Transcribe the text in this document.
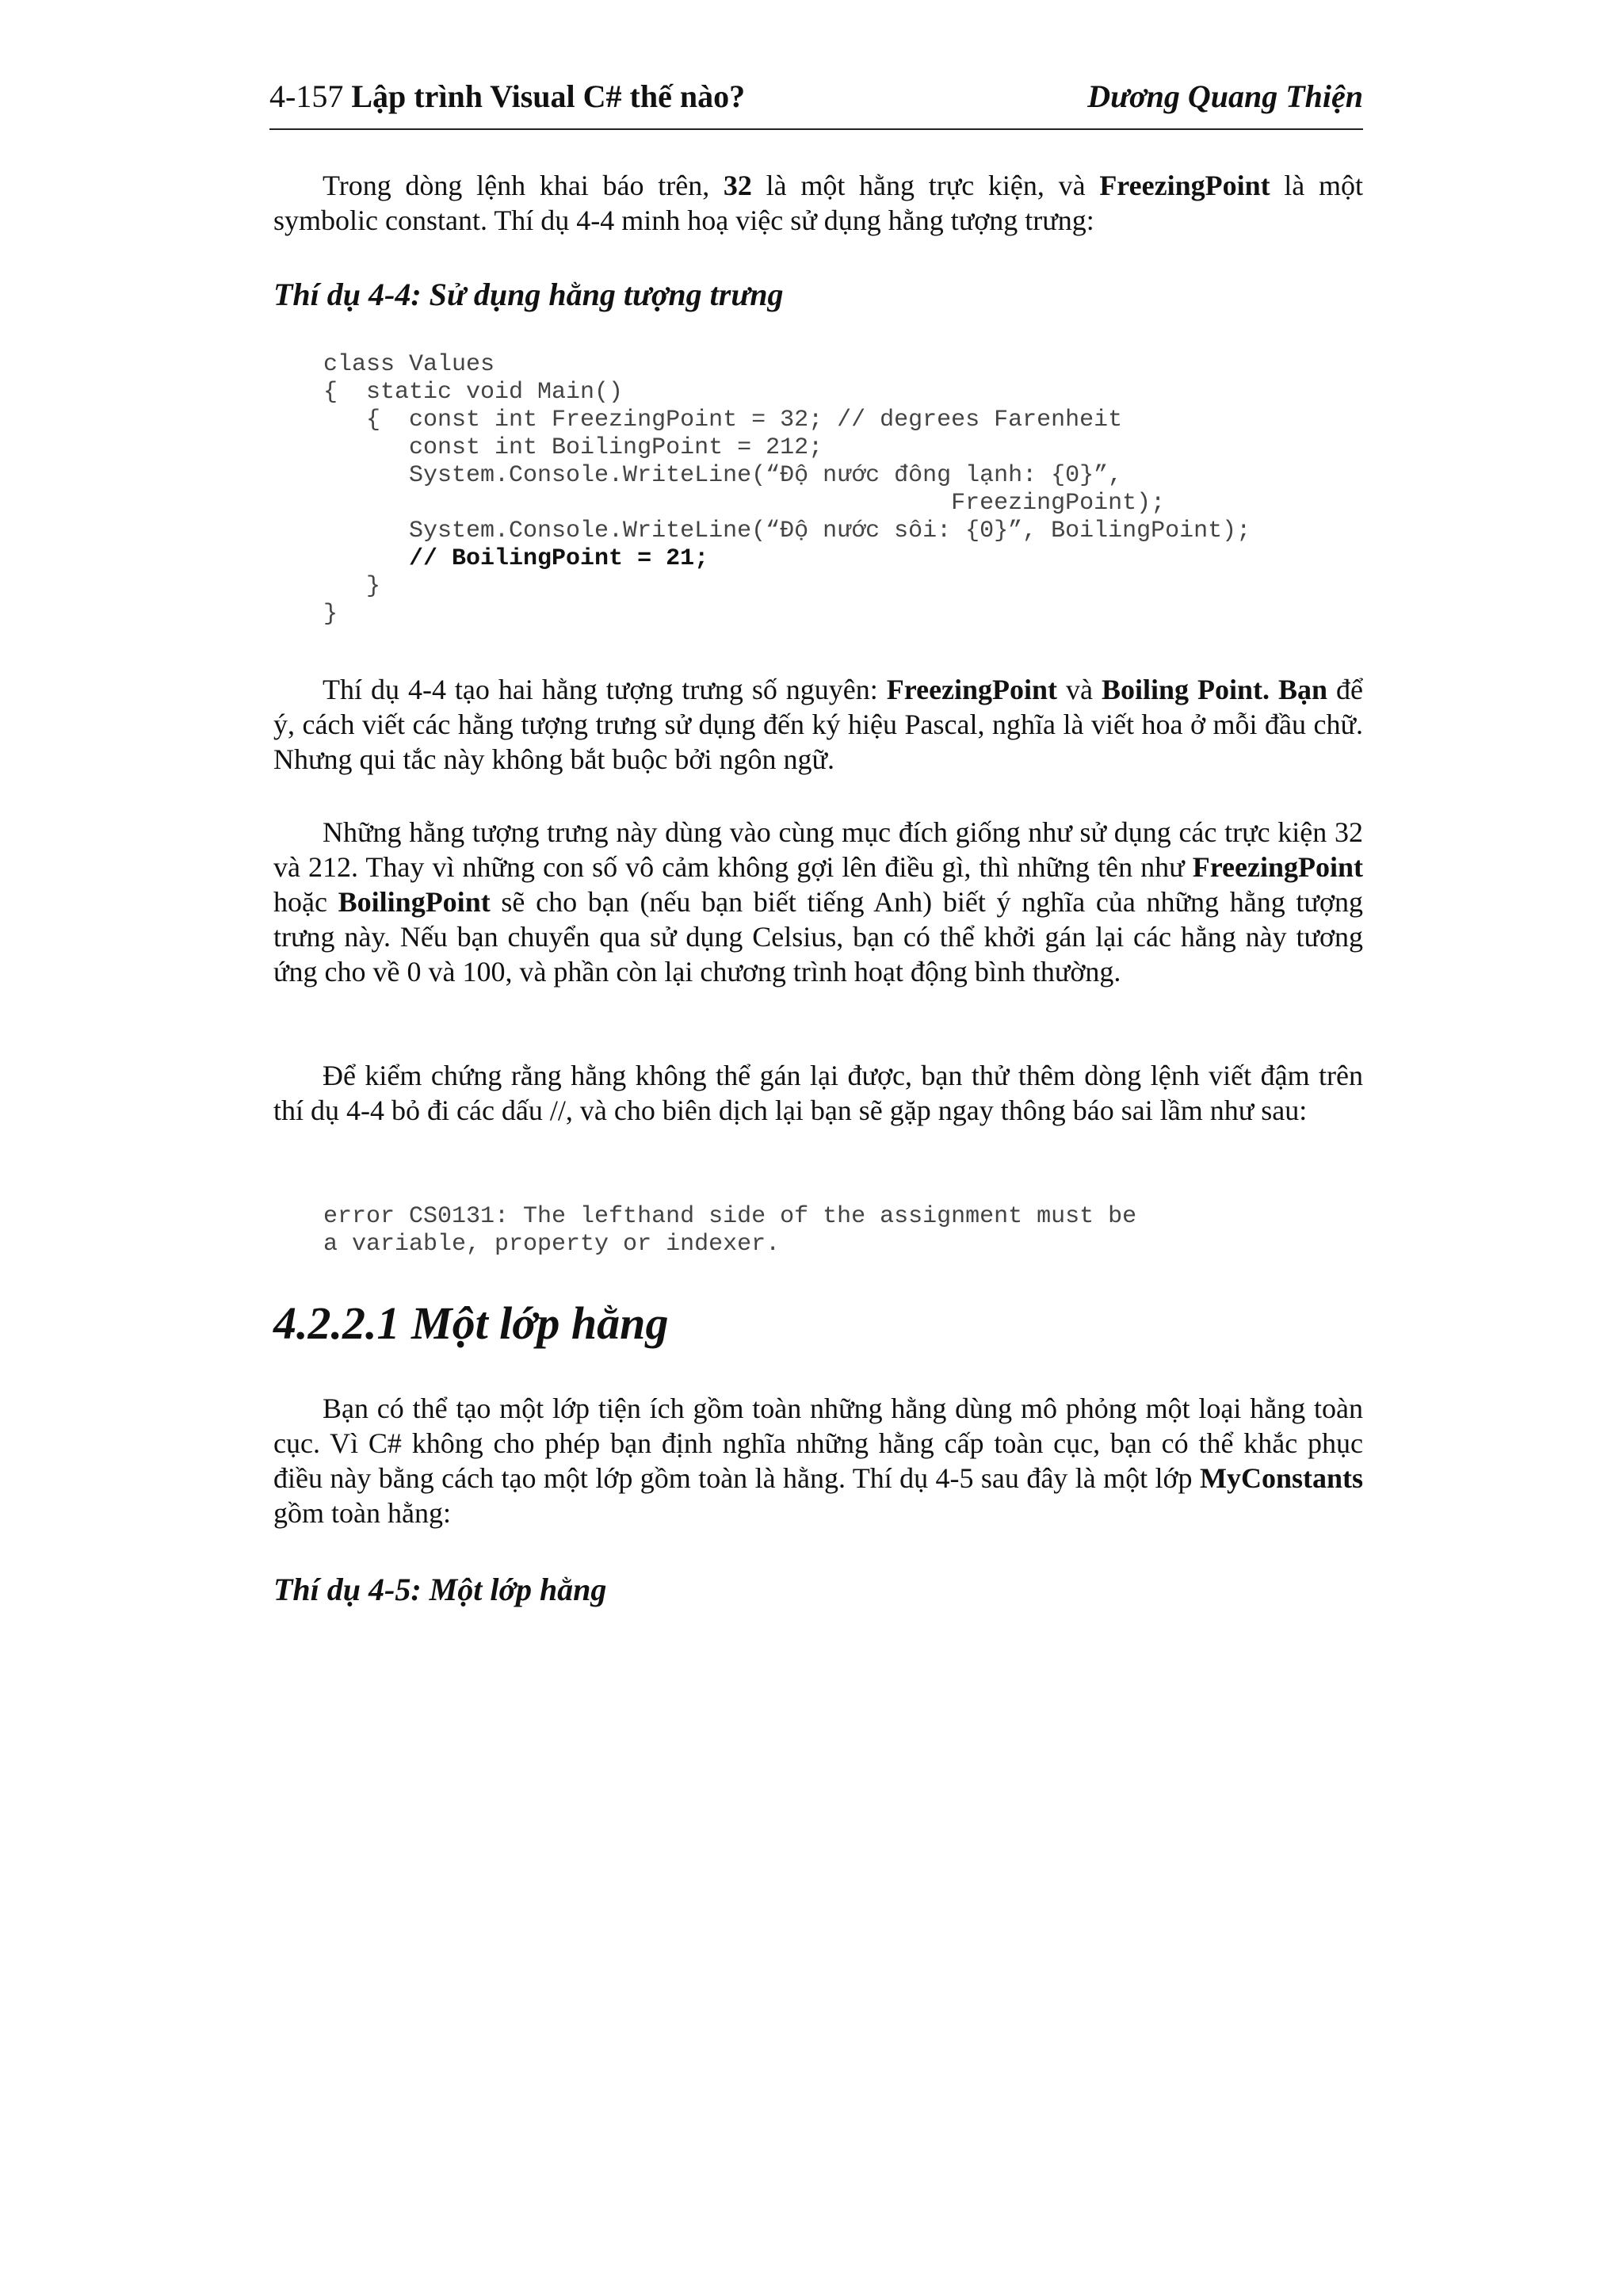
4-157 Lập trình Visual C# thế nào?	Dương Quang Thiện

Trong dòng lệnh khai báo trên, 32 là một hằng trực kiện, và FreezingPoint là một symbolic constant. Thí dụ 4-4 minh hoạ việc sử dụng hằng tượng trưng:

Thí dụ 4-4: Sử dụng hằng tượng trưng

class Values
{  static void Main()
{  const int FreezingPoint = 32; // degrees Farenheit
const int BoilingPoint = 212;
System.Console.WriteLine(“Độ nước đông lạnh: {0}”,
FreezingPoint);
System.Console.WriteLine(“Độ nước sôi: {0}”, BoilingPoint);
// BoilingPoint = 21;
}
}

Thí dụ 4-4 tạo hai hằng tượng trưng số nguyên: FreezingPoint và Boiling Point. Bạn để ý, cách viết các hằng tượng trưng sử dụng đến ký hiệu Pascal, nghĩa là viết hoa ở mỗi đầu chữ. Nhưng qui tắc này không bắt buộc bởi ngôn ngữ.

Những hằng tượng trưng này dùng vào cùng mục đích giống như sử dụng các trực kiện 32 và 212. Thay vì những con số vô cảm không gợi lên điều gì, thì những tên như FreezingPoint hoặc BoilingPoint sẽ cho bạn (nếu bạn biết tiếng Anh) biết ý nghĩa của những hằng tượng trưng này. Nếu bạn chuyển qua sử dụng Celsius, bạn có thể khởi gán lại các hằng này tương ứng cho về 0 và 100, và phần còn lại chương trình hoạt động bình thường.

Để kiểm chứng rằng hằng không thể gán lại được, bạn thử thêm dòng lệnh viết đậm trên thí dụ 4-4 bỏ đi các dấu //, và cho biên dịch lại bạn sẽ gặp ngay thông báo sai lầm như sau:

error CS0131: The lefthand side of the assignment must be
a variable, property or indexer.
4.2.2.1 Một lớp hằng

Bạn có thể tạo một lớp tiện ích gồm toàn những hằng dùng mô phỏng một loại hằng toàn cục. Vì C# không cho phép bạn định nghĩa những hằng cấp toàn cục, bạn có thể khắc phục điều này bằng cách tạo một lớp gồm toàn là hằng. Thí dụ 4-5 sau đây là một lớp MyConstants gồm toàn hằng:

Thí dụ 4-5: Một lớp hằng
